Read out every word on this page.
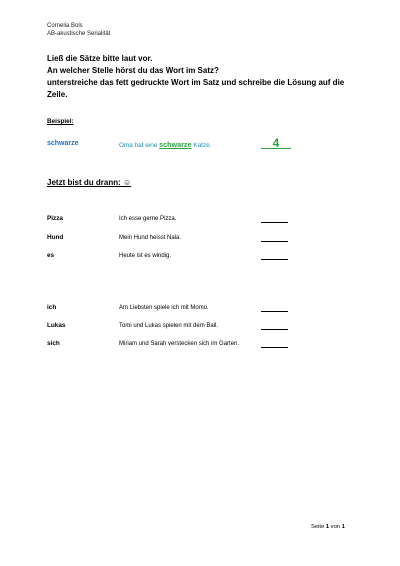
Cornelia Bols
AB-akustische Serialität
Ließ die Sätze bitte laut vor.
An welcher Stelle hörst du das Wort im Satz?
unterstreiche das fett gedruckte Wort im Satz und schreibe die Lösung auf die
Zeile.
Beispiel:
schwarze	Oma hat eine schwarze Katze.	4
Jetzt bist du drann: ☺
Pizza	Ich esse gerne Pizza.
Hund	Mein Hund heisst Nala.
es	Heute ist es windig.
ich	Am Liebsten spiele ich mit Momo.
Lukas	Tomi und Lukas spielen mit dem Ball.
sich	Miriam und Sarah verstecken sich im Garten.
Seite 1 von 1
